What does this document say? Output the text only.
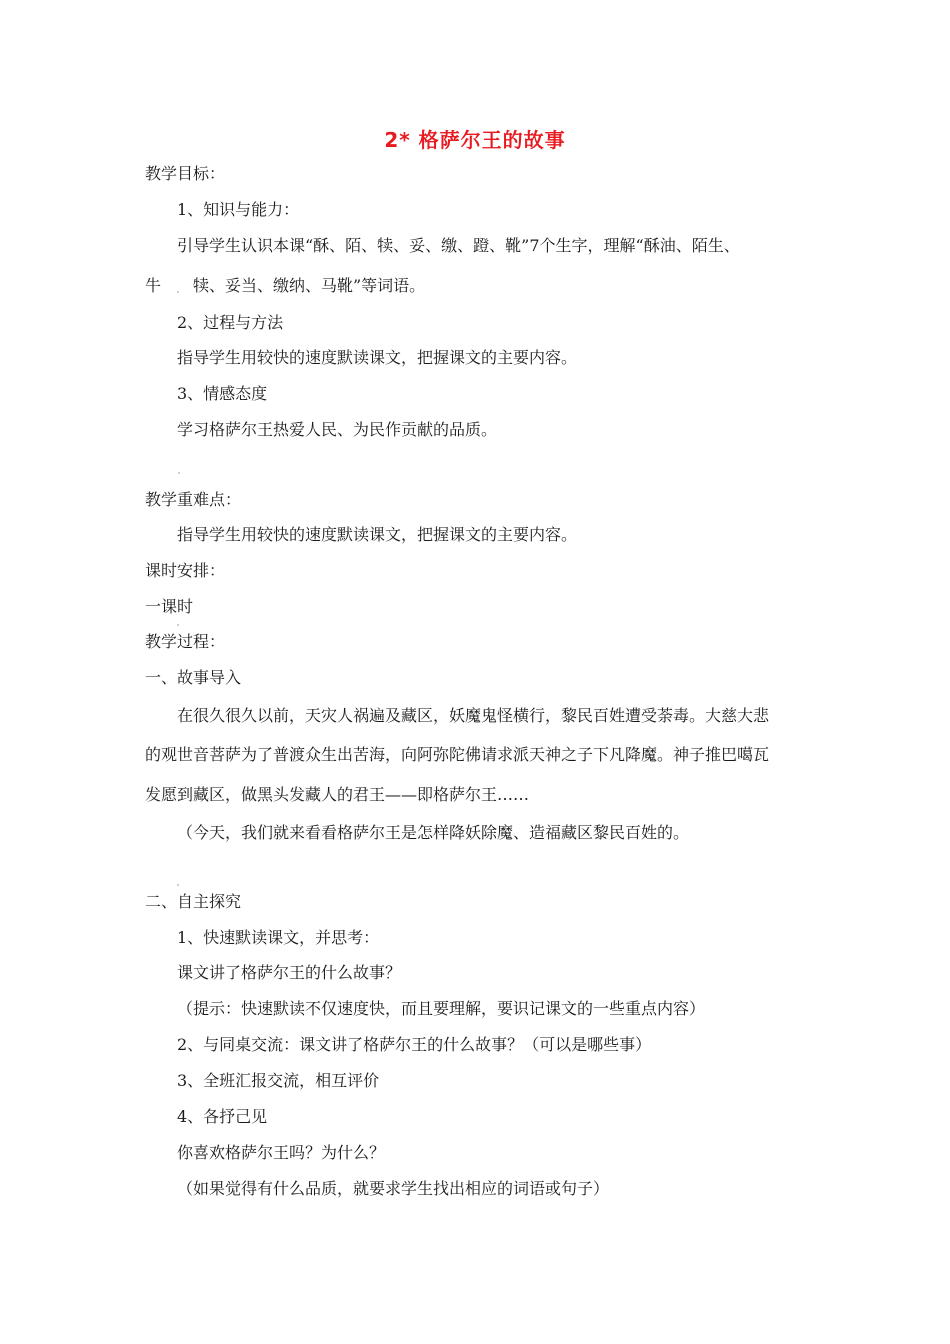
2* 格萨尔王的故事
教学目标：
1、知识与能力：
引导学生认识本课“酥、陌、犊、妥、缴、蹬、靴”7个生字，理解“酥油、陌生、
牛 犊、妥当、缴纳、马靴”等词语。
2、过程与方法
指导学生用较快的速度默读课文，把握课文的主要内容。
3、情感态度
学习格萨尔王热爱人民、为民作贡献的品质。
教学重难点：
指导学生用较快的速度默读课文，把握课文的主要内容。
课时安排：
一课时
教学过程：
一、故事导入
在很久很久以前，天灾人祸遍及藏区，妖魔鬼怪横行，黎民百姓遭受荼毒。大慈大悲
的观世音菩萨为了普渡众生出苦海，向阿弥陀佛请求派天神之子下凡降魔。神子推巴噶瓦
发愿到藏区，做黑头发藏人的君王——即格萨尔王……
（今天，我们就来看看格萨尔王是怎样降妖除魔、造福藏区黎民百姓的。
二、自主探究
1、快速默读课文，并思考：
课文讲了格萨尔王的什么故事？
（提示：快速默读不仅速度快，而且要理解，要识记课文的一些重点内容）
2、与同桌交流：课文讲了格萨尔王的什么故事？（可以是哪些事）
3、全班汇报交流，相互评价
4、各抒己见
你喜欢格萨尔王吗？为什么？
（如果觉得有什么品质，就要求学生找出相应的词语或句子）
